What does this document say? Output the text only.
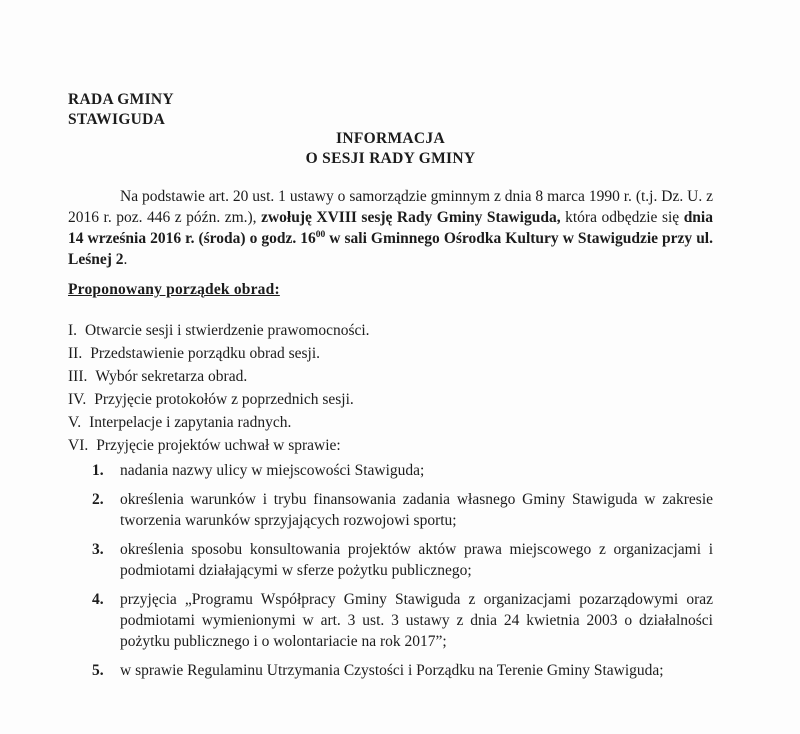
RADA GMINY
STAWIGUDA
INFORMACJA
O SESJI RADY GMINY

Na podstawie art. 20 ust. 1 ustawy o samorządzie gminnym z dnia 8 marca 1990 r. (t.j. Dz. U. z 2016 r. poz. 446 z późn. zm.), zwołuję XVIII sesję Rady Gminy Stawiguda, która odbędzie się dnia 14 września 2016 r. (środa) o godz. $16^{00}$ w sali Gminnego Ośrodka Kultury w Stawigudzie przy ul. Leśnej 2.

Proponowany porządek obrad:
I. Otwarcie sesji i stwierdzenie prawomocności.
II. Przedstawienie porządku obrad sesji.
III. Wybór sekretarza obrad.
IV. Przyjęcie protokołów z poprzednich sesji.
V. Interpelacje i zapytania radnych.
VI. Przyjęcie projektów uchwał w sprawie:
1. nadania nazwy ulicy w miejscowości Stawiguda;
2. określenia warunków i trybu finansowania zadania własnego Gminy Stawiguda w zakresie tworzenia warunków sprzyjających rozwojowi sportu;
3. określenia sposobu konsultowania projektów aktów prawa miejscowego z organizacjami i podmiotami działającymi w sferze pożytku publicznego;
4. przyjęcia „Programu Współpracy Gminy Stawiguda z organizacjami pozarządowymi oraz podmiotami wymienionymi w art. 3 ust. 3 ustawy z dnia 24 kwietnia 2003 o działalności pożytku publicznego i o wolontariacie na rok 2017”;
5. w sprawie Regulaminu Utrzymania Czystości i Porządku na Terenie Gminy Stawiguda;
